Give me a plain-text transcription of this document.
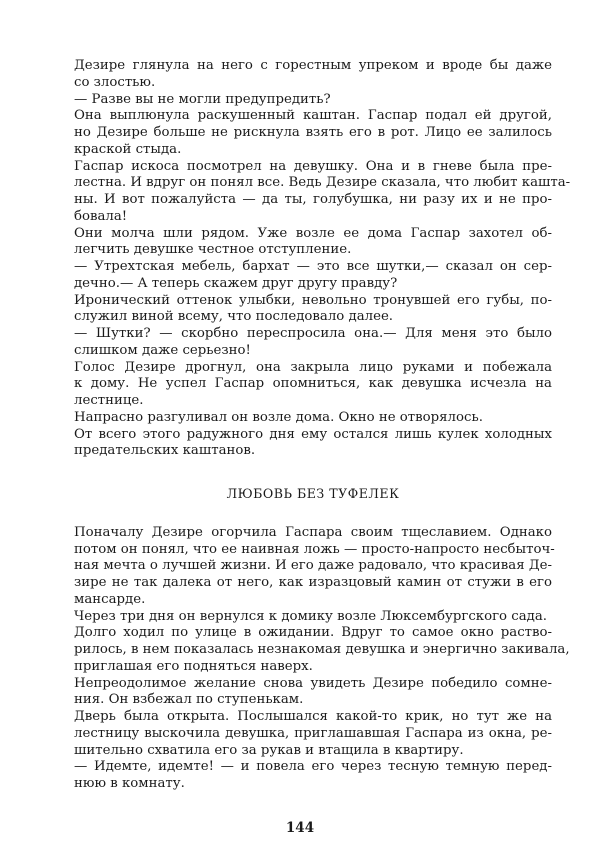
Дезире глянула на него с горестным упреком и вроде бы даже
со злостью.

— Разве вы не могли предупредить?

Она выплюнула раскушенный каштан. Гаспар подал ей другой,
но Дезире больше не рискнула взять его в рот. Лицо ее залилось
краской стыда.

Гаспар искоса посмотрел на девушку. Она и в гневе была пре-
лестна. И вдруг он понял все. Ведь Дезире сказала, что любит кашта-
ны. И вот пожалуйста — да ты, голубушка, ни разу их и не про-
бовала!

Они молча шли рядом. Уже возле ее дома Гаспар захотел об-
легчить девушке честное отступление.

— Утрехтская мебель, бархат — это все шутки,— сказал он сер-
дечно.— А теперь скажем друг другу правду?

Иронический оттенок улыбки, невольно тронувшей его губы, по-
служил виной всему, что последовало далее.

— Шутки? — скорбно переспросила она.— Для меня это было
слишком даже серьезно!

Голос Дезире дрогнул, она закрыла лицо руками и побежала
к дому. Не успел Гаспар опомниться, как девушка исчезла на
лестнице.

Напрасно разгуливал он возле дома. Окно не отворялось.

От всего этого радужного дня ему остался лишь кулек холодных
предательских каштанов.

ЛЮБОВЬ БЕЗ ТУФЕЛЕК

Поначалу Дезире огорчила Гаспара своим тщеславием. Однако
потом он понял, что ее наивная ложь — просто-напросто несбыточ-
ная мечта о лучшей жизни. И его даже радовало, что красивая Де-
зире не так далека от него, как изразцовый камин от стужи в его
мансарде.

Через три дня он вернулся к домику возле Люксембургского сада.

Долго ходил по улице в ожидании. Вдруг то самое окно раство-
рилось, в нем показалась незнакомая девушка и энергично закивала,
приглашая его подняться наверх.

Непреодолимое желание снова увидеть Дезире победило сомне-
ния. Он взбежал по ступенькам.

Дверь была открыта. Послышался какой-то крик, но тут же на
лестницу выскочила девушка, приглашавшая Гаспара из окна, ре-
шительно схватила его за рукав и втащила в квартиру.

— Идемте, идемте! — и повела его через тесную темную перед-
нюю в комнату.

144
